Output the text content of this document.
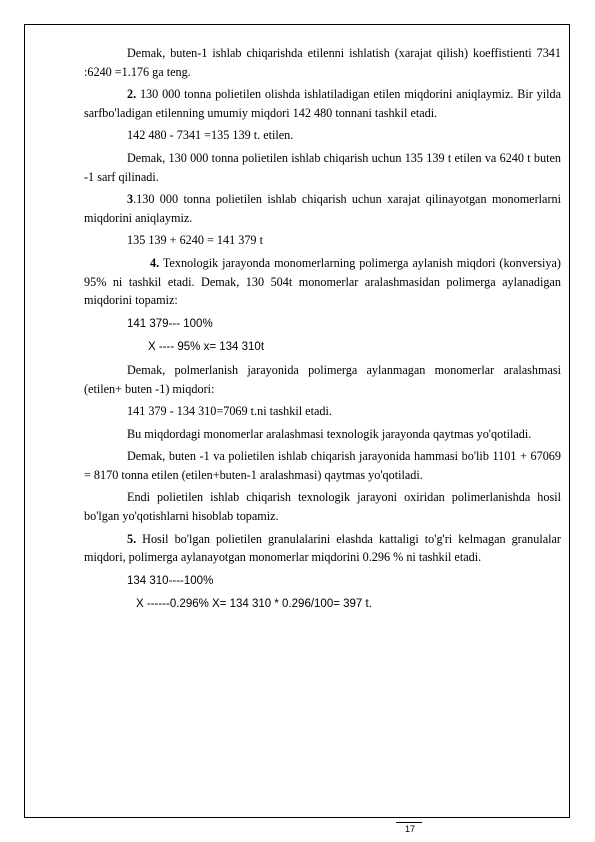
Demak, buten-1 ishlab chiqarishda etilenni ishlatish (xarajat qilish) koeffistienti 7341 :6240 =1.176 ga teng.

2. 130 000 tonna polietilen olishda ishlatiladigan etilen miqdorini aniqlaymiz. Bir yilda sarfbo'ladigan etilenning umumiy miqdori 142 480 tonnani tashkil etadi.

142 480 - 7341 =135 139 t. etilen.

Demak, 130 000 tonna polietilen ishlab chiqarish uchun 135 139 t etilen va 6240 t buten -1 sarf qilinadi.

3.130 000 tonna polietilen ishlab chiqarish uchun xarajat qilinayotgan monomerlarni miqdorini aniqlaymiz.

135 139 + 6240 = 141 379 t

4. Texnologik jarayonda monomerlarning polimerga aylanish miqdori (konversiya) 95% ni tashkil etadi. Demak, 130 504t monomerlar aralashmasidan polimerga aylanadigan miqdorini topamiz:

141 379--- 100%

X ---- 95% x= 134 310t

Demak, polmerlanish jarayonida polimerga aylanmagan monomerlar aralashmasi (etilen+ buten -1) miqdori:

141 379 - 134 310=7069 t.ni tashkil etadi.

Bu miqdordagi monomerlar aralashmasi texnologik jarayonda qaytmas yo'qotiladi.

Demak, buten -1 va polietilen ishlab chiqarish jarayonida hammasi bo'lib 1101 + 67069 = 8170 tonna etilen (etilen+buten-1 aralashmasi) qaytmas yo'qotiladi.

Endi polietilen ishlab chiqarish texnologik jarayoni oxiridan polimerlanishda hosil bo'lgan yo'qotishlarni hisoblab topamiz.

5. Hosil bo'lgan polietilen granulalarini elashda kattaligi to'g'ri kelmagan granulalar miqdori, polimerga aylanayotgan monomerlar miqdorini 0.296 % ni tashkil etadi.

134 310----100%

X ------0.296% X= 134 310 * 0.296/100= 397 t.

17
